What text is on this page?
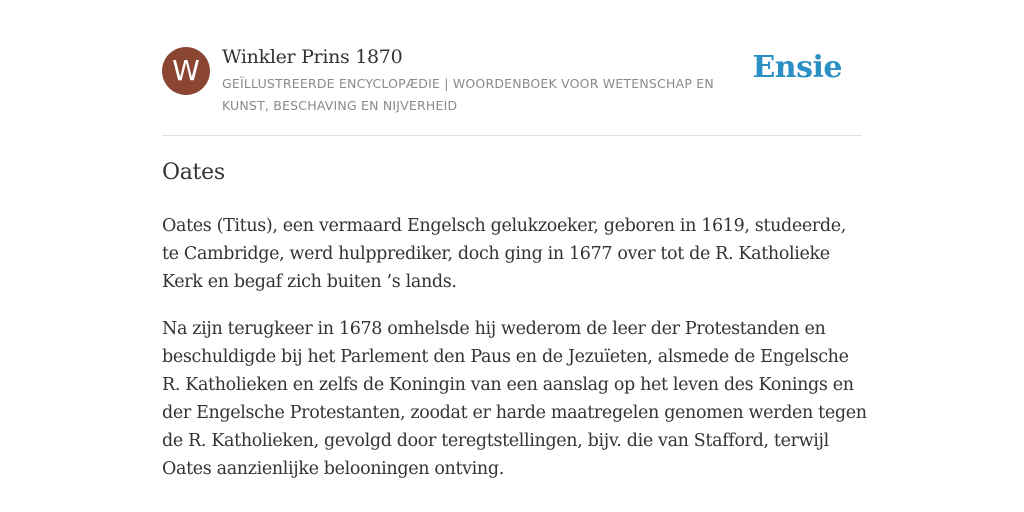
W	Winkler Prins 1870
GEÏLLUSTREERDE ENCYCLOPÆDIE | WOORDENBOEK VOOR WETENSCHAP EN KUNST, BESCHAVING EN NIJVERHEID
Ensie
Oates

Oates (Titus), een vermaard Engelsch gelukzoeker, geboren in 1619, studeerde, te Cambridge, werd hulpprediker, doch ging in 1677 over tot de R. Katholieke Kerk en begaf zich buiten ’s lands.

Na zijn terugkeer in 1678 omhelsde hij wederom de leer der Protestanden en beschuldigde bij het Parlement den Paus en de Jezuïeten, alsmede de Engelsche R. Katholieken en zelfs de Koningin van een aanslag op het leven des Konings en der Engelsche Protestanten, zoodat er harde maatregelen genomen werden tegen de R. Katholieken, gevolgd door teregtstellingen, bijv. die van Stafford, terwijl Oates aanzienlijke belooningen ontving.
